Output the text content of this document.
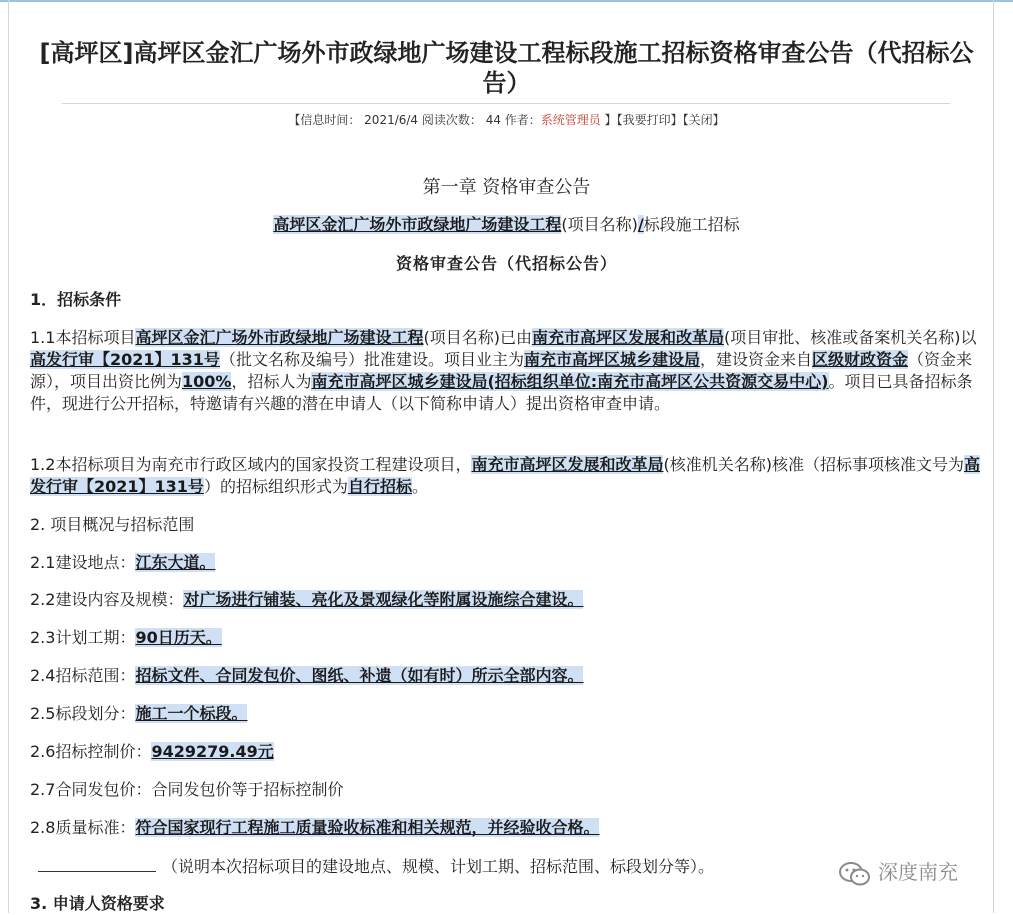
[高坪区]高坪区金汇广场外市政绿地广场建设工程标段施工招标资格审查公告（代招标公告）
【信息时间： 2021/6/4 阅读次数： 44 作者：系统管理员 】【我要打印】【关闭】
第一章 资格审查公告
高坪区金汇广场外市政绿地广场建设工程(项目名称)/标段施工招标
资格审查公告（代招标公告）
1．招标条件
1.1本招标项目高坪区金汇广场外市政绿地广场建设工程(项目名称)已由南充市高坪区发展和改革局(项目审批、核准或备案机关名称)以高发行审【2021】131号（批文名称及编号）批准建设。项目业主为南充市高坪区城乡建设局，建设资金来自区级财政资金（资金来源），项目出资比例为100%，招标人为南充市高坪区城乡建设局(招标组织单位:南充市高坪区公共资源交易中心)。项目已具备招标条件，现进行公开招标，特邀请有兴趣的潜在申请人（以下简称申请人）提出资格审查申请。
1.2本招标项目为南充市行政区域内的国家投资工程建设项目，南充市高坪区发展和改革局(核准机关名称)核准（招标事项核准文号为高发行审【2021】131号）的招标组织形式为自行招标。
2. 项目概况与招标范围
2.1建设地点：江东大道。
2.2建设内容及规模：对广场进行铺装、亮化及景观绿化等附属设施综合建设。
2.3计划工期：90日历天。
2.4招标范围：招标文件、合同发包价、图纸、补遗（如有时）所示全部内容。
2.5标段划分：施工一个标段。
2.6招标控制价：9429279.49元
2.7合同发包价：合同发包价等于招标控制价
2.8质量标准：符合国家现行工程施工质量验收标准和相关规范，并经验收合格。
（说明本次招标项目的建设地点、规模、计划工期、招标范围、标段划分等）。
3. 申请人资格要求
深度南充
